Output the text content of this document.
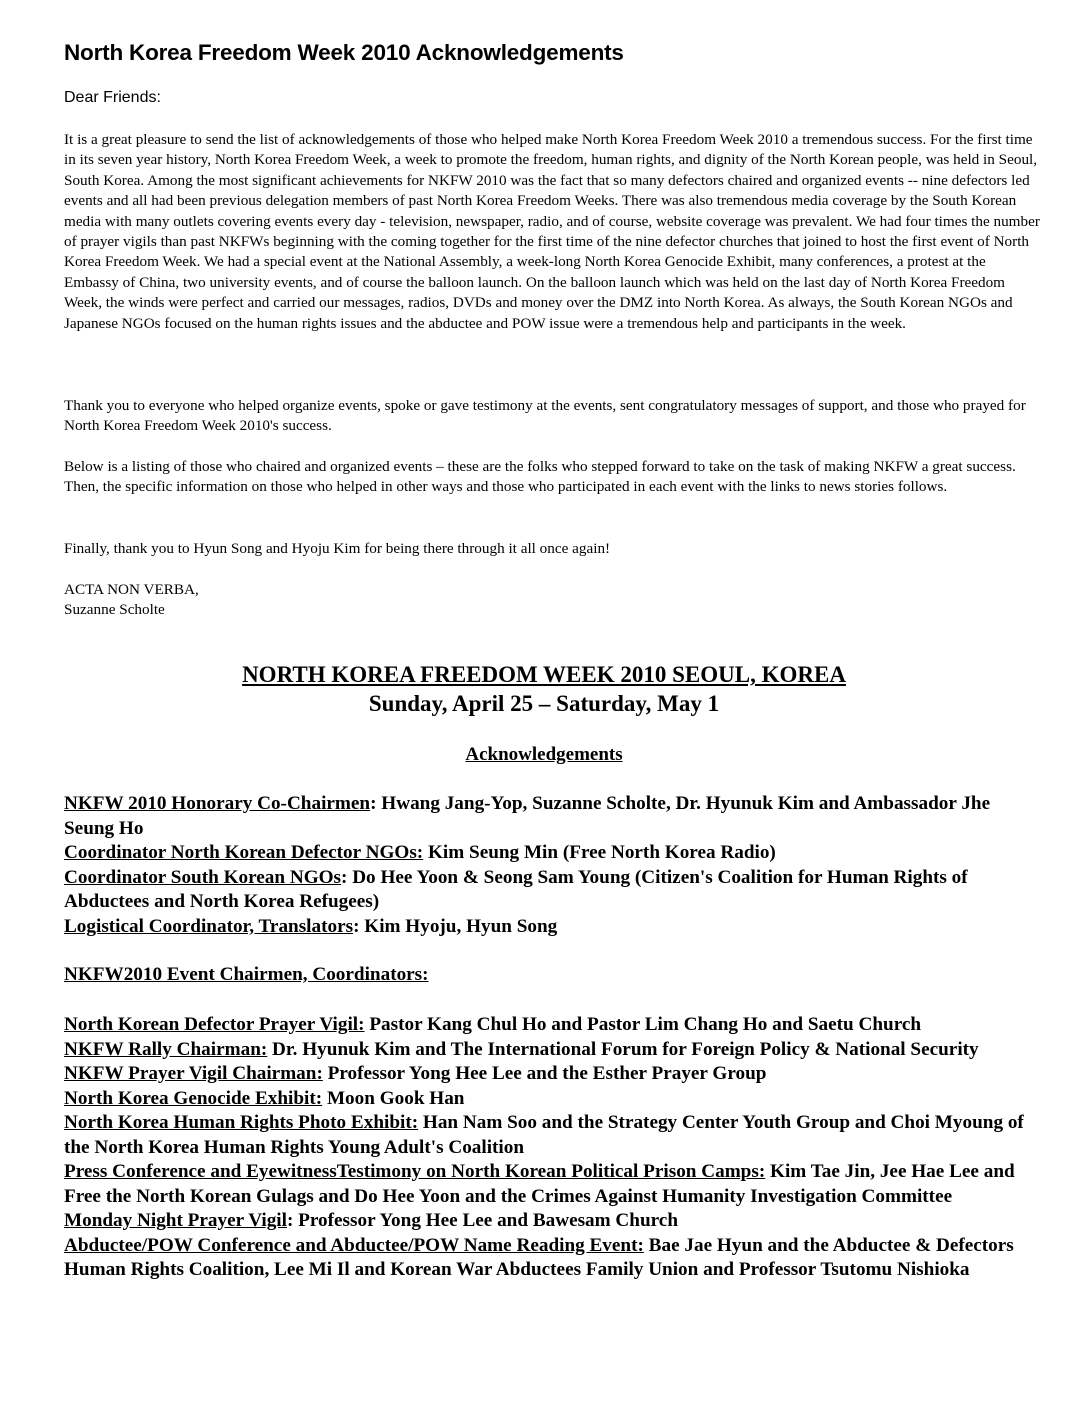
North Korea Freedom Week 2010 Acknowledgements

Dear Friends:

It is a great pleasure to send the list of acknowledgements of those who helped make North Korea Freedom Week 2010 a tremendous success. For the first time in its seven year history, North Korea Freedom Week, a week to promote the freedom, human rights, and dignity of the North Korean people, was held in Seoul, South Korea. Among the most significant achievements for NKFW 2010 was the fact that so many defectors chaired and organized events -- nine defectors led events and all had been previous delegation members of past North Korea Freedom Weeks. There was also tremendous media coverage by the South Korean media with many outlets covering events every day - television, newspaper, radio, and of course, website coverage was prevalent. We had four times the number of prayer vigils than past NKFWs beginning with the coming together for the first time of the nine defector churches that joined to host the first event of North Korea Freedom Week. We had a special event at the National Assembly, a week-long North Korea Genocide Exhibit, many conferences, a protest at the Embassy of China, two university events, and of course the balloon launch. On the balloon launch which was held on the last day of North Korea Freedom Week, the winds were perfect and carried our messages, radios, DVDs and money over the DMZ into North Korea. As always, the South Korean NGOs and Japanese NGOs focused on the human rights issues and the abductee and POW issue were a tremendous help and participants in the week.

Thank you to everyone who helped organize events, spoke or gave testimony at the events, sent congratulatory messages of support, and those who prayed for North Korea Freedom Week 2010's success.

Below is a listing of those who chaired and organized events – these are the folks who stepped forward to take on the task of making NKFW a great success. Then, the specific information on those who helped in other ways and those who participated in each event with the links to news stories follows.

Finally, thank you to Hyun Song and Hyoju Kim for being there through it all once again!

ACTA NON VERBA,
Suzanne Scholte
NORTH KOREA FREEDOM WEEK 2010 SEOUL, KOREA
Sunday, April 25 – Saturday, May 1
Acknowledgements

NKFW 2010 Honorary Co-Chairmen: Hwang Jang-Yop, Suzanne Scholte, Dr. Hyunuk Kim and Ambassador Jhe Seung Ho

Coordinator North Korean Defector NGOs: Kim Seung Min (Free North Korea Radio)

Coordinator South Korean NGOs: Do Hee Yoon & Seong Sam Young (Citizen's Coalition for Human Rights of Abductees and North Korea Refugees)

Logistical Coordinator, Translators: Kim Hyoju, Hyun Song

NKFW2010 Event Chairmen, Coordinators:

North Korean Defector Prayer Vigil: Pastor Kang Chul Ho and Pastor Lim Chang Ho and Saetu Church

NKFW Rally Chairman: Dr. Hyunuk Kim and The International Forum for Foreign Policy & National Security

NKFW Prayer Vigil Chairman: Professor Yong Hee Lee and the Esther Prayer Group

North Korea Genocide Exhibit: Moon Gook Han

North Korea Human Rights Photo Exhibit: Han Nam Soo and the Strategy Center Youth Group and Choi Myoung of the North Korea Human Rights Young Adult's Coalition

Press Conference and EyewitnessTestimony on North Korean Political Prison Camps: Kim Tae Jin, Jee Hae Lee and Free the North Korean Gulags and Do Hee Yoon and the Crimes Against Humanity Investigation Committee

Monday Night Prayer Vigil: Professor Yong Hee Lee and Bawesam Church

Abductee/POW Conference and Abductee/POW Name Reading Event: Bae Jae Hyun and the Abductee & Defectors Human Rights Coalition, Lee Mi Il and Korean War Abductees Family Union and Professor Tsutomu Nishioka
